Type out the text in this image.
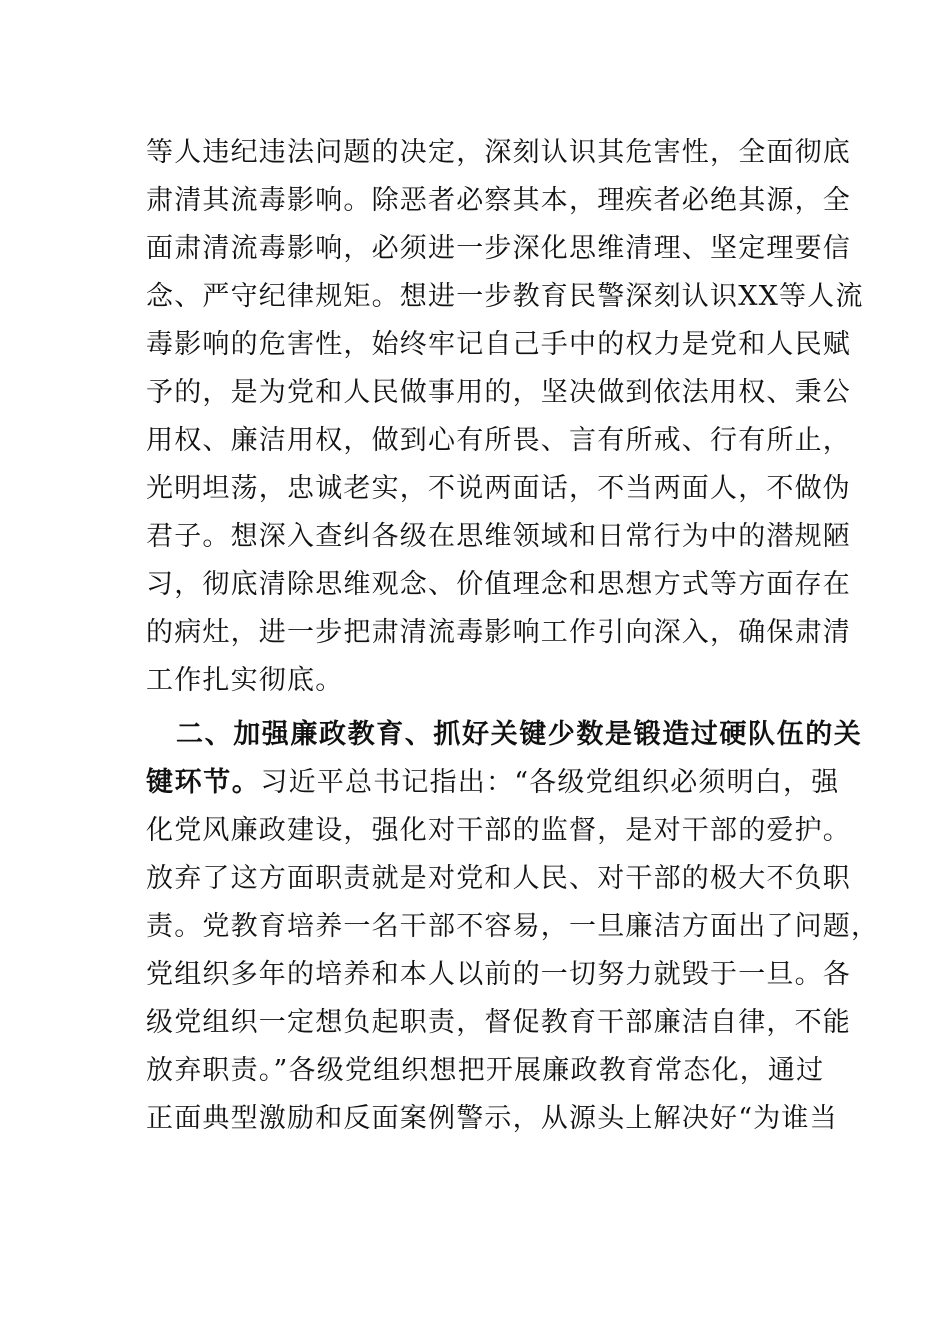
等人违纪违法问题的决定，深刻认识其危害性，全面彻底
肃清其流毒影响。除恶者必察其本，理疾者必绝其源，全
面肃清流毒影响，必须进一步深化思维清理、坚定理要信
念、严守纪律规矩。想进一步教育民警深刻认识XX等人流
毒影响的危害性，始终牢记自己手中的权力是党和人民赋
予的，是为党和人民做事用的，坚决做到依法用权、秉公
用权、廉洁用权，做到心有所畏、言有所戒、行有所止，
光明坦荡，忠诚老实，不说两面话，不当两面人，不做伪
君子。想深入查纠各级在思维领域和日常行为中的潜规陋
习，彻底清除思维观念、价值理念和思想方式等方面存在
的病灶，进一步把肃清流毒影响工作引向深入，确保肃清
工作扎实彻底。
二、加强廉政教育、抓好关键少数是锻造过硬队伍的关
键环节。习近平总书记指出：“各级党组织必须明白，强
化党风廉政建设，强化对干部的监督，是对干部的爱护。
放弃了这方面职责就是对党和人民、对干部的极大不负职
责。党教育培养一名干部不容易，一旦廉洁方面出了问题，
党组织多年的培养和本人以前的一切努力就毁于一旦。各
级党组织一定想负起职责，督促教育干部廉洁自律，不能
放弃职责。”各级党组织想把开展廉政教育常态化，通过
正面典型激励和反面案例警示，从源头上解决好“为谁当
